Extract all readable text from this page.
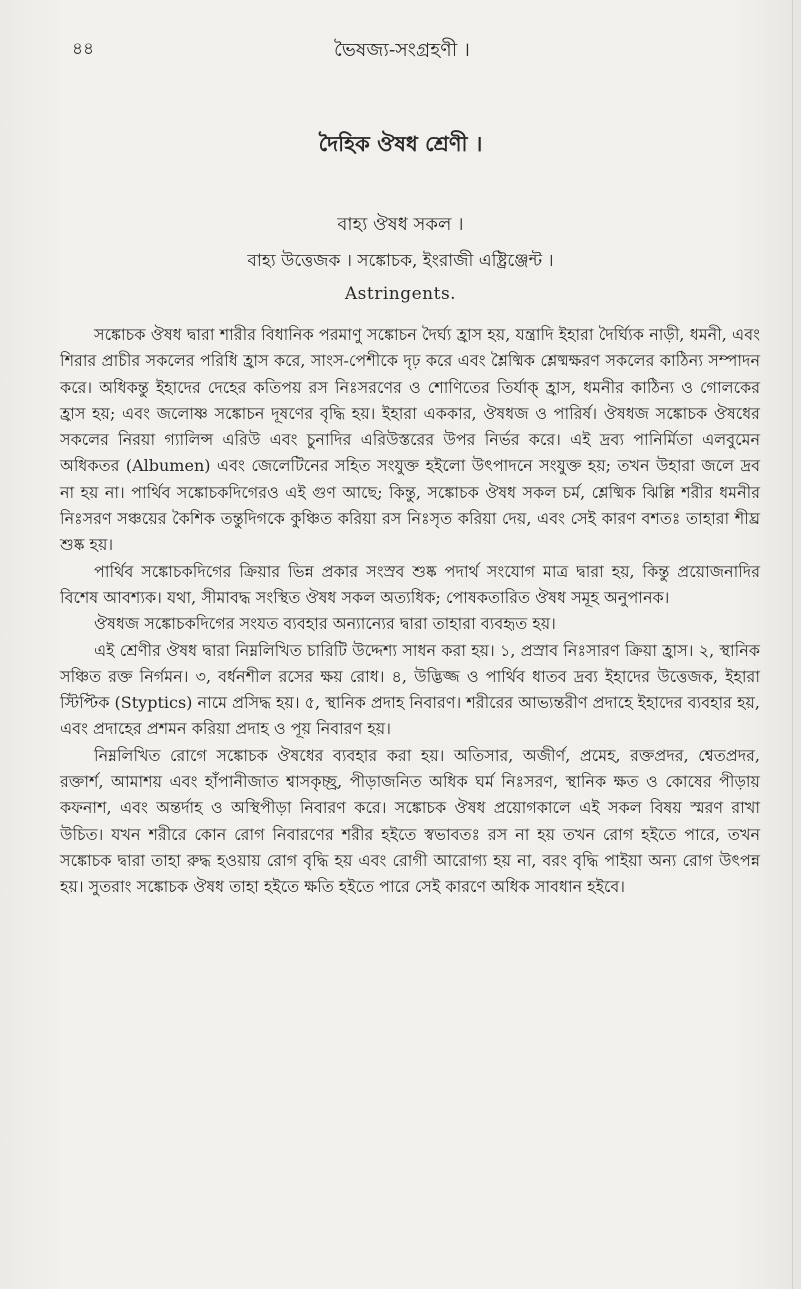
৪৪	ভৈষজ্য-সংগ্রহণী ।
দৈহিক ঔষধ শ্রেণী ।
বাহ্য ঔষধ সকল ।
বাহ্য উত্তেজক । সঙ্কোচক, ইংরাজী এষ্ট্রিঞ্জেন্ট ।
Astringents.

সঙ্কোচক ঔষধ দ্বারা শারীর বিধানিক পরমাণু সঙ্কোচন দৈর্ঘ্য হ্রাস হয়, যন্ত্রাদি ইহারা দৈর্ঘ্যিক নাড়ী, ধমনী, এবং শিরার প্রাচীর সকলের পরিধি হ্রাস করে, সাংস-পেশীকে দৃঢ় করে এবং শ্লৈষ্মিক শ্লেষ্মক্ষরণ সকলের কাঠিন্য সম্পাদন করে। অধিকন্তু ইহাদের দেহের কতিপয় রস নিঃসরণের ও শোণিতের তির্যাক্ হ্রাস, ধমনীর কাঠিন্য ও গোলকের হ্রাস হয়; এবং জলোষ্ণ সঙ্কোচন দূষণের বৃদ্ধি হয়। ইহারা এককার, ঔষধজ ও পারির্ষ। ঔষধজ সঙ্কোচক ঔষধের সকলের নিরয়া গ্যালিন্স এরিউ এবং চুনাদির এরিউস্তরের উপর নির্ভর করে। এই দ্রব্য পানির্মিতা এলবুমেন অধিকতর (Albumen) এবং জেলেটিনের সহিত সংযুক্ত হইলো উৎপাদনে সংযুক্ত হয়; তখন উহারা জলে দ্রব না হয় না। পার্থিব সঙ্কোচকদিগেরও এই গুণ আছে; কিন্তু, সঙ্কোচক ঔষধ সকল চর্ম, শ্লেষ্মিক ঝিল্লি শরীর ধমনীর নিঃসরণ সঞ্চয়ের কৈশিক তন্তুদিগকে কুঞ্চিত করিয়া রস নিঃসৃত করিয়া দেয়, এবং সেই কারণ বশতঃ তাহারা শীঘ্র শুষ্ক হয়।

পার্থিব সঙ্কোচকদিগের ক্রিয়ার ভিন্ন প্রকার সংস্রব শুষ্ক পদার্থ সংযোগ মাত্র দ্বারা হয়, কিন্তু প্রয়োজনাদির বিশেষ আবশ্যক। যথা, সীমাবদ্ধ সংস্থিত ঔষধ সকল অত্যধিক; পোষকতারিত ঔষধ সমূহ অনুপানক।

ঔষধজ সঙ্কোচকদিগের সংযত ব্যবহার অন্যান্যের দ্বারা তাহারা ব্যবহৃত হয়।

এই শ্রেণীর ঔষধ দ্বারা নিম্নলিখিত চারিটি উদ্দেশ্য সাধন করা হয়। ১, প্রস্রাব নিঃসারণ ক্রিয়া হ্রাস। ২, স্থানিক সঞ্চিত রক্ত নির্গমন। ৩, বর্ধনশীল রসের ক্ষয় রোধ। ৪, উদ্ভিজ্জ ও পার্থিব ধাতব দ্রব্য ইহাদের উত্তেজক, ইহারা স্টিপ্টিক (Styptics) নামে প্রসিদ্ধ হয়। ৫, স্থানিক প্রদাহ নিবারণ। শরীরের আভ্যন্তরীণ প্রদাহে ইহাদের ব্যবহার হয়, এবং প্রদাহের প্রশমন করিয়া প্রদাহ ও পূয় নিবারণ হয়।

নিম্নলিখিত রোগে সঙ্কোচক ঔষধের ব্যবহার করা হয়। অতিসার, অজীর্ণ, প্রমেহ, রক্তপ্রদর, শ্বেতপ্রদর, রক্তার্শ, আমাশয় এবং হাঁপানীজাত শ্বাসকৃচ্ছ্র, পীড়াজনিত অধিক ঘর্ম নিঃসরণ, স্থানিক ক্ষত ও কোষের পীড়ায় কফনাশ, এবং অন্তর্দাহ ও অস্থিপীড়া নিবারণ করে। সঙ্কোচক ঔষধ প্রয়োগকালে এই সকল বিষয় স্মরণ রাখা উচিত। যখন শরীরে কোন রোগ নিবারণের শরীর হইতে স্বভাবতঃ রস না হয় তখন রোগ হইতে পারে, তখন সঙ্কোচক দ্বারা তাহা রুদ্ধ হওয়ায় রোগ বৃদ্ধি হয় এবং রোগী আরোগ্য হয় না, বরং বৃদ্ধি পাইয়া অন্য রোগ উৎপন্ন হয়। সুতরাং সঙ্কোচক ঔষধ তাহা হইতে ক্ষতি হইতে পারে সেই কারণে অধিক সাবধান হইবে।
